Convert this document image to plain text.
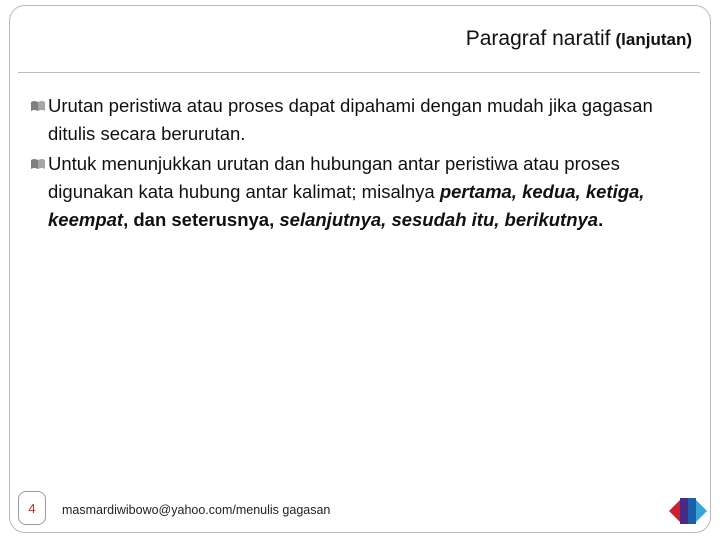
Paragraf naratif (lanjutan)
Urutan peristiwa atau proses dapat dipahami dengan mudah jika gagasan ditulis secara berurutan.
Untuk menunjukkan urutan dan hubungan antar peristiwa atau proses digunakan kata hubung antar kalimat; misalnya pertama, kedua, ketiga, keempat, dan seterusnya, selanjutnya, sesudah itu, berikutnya.
4	masmardiwibowo@yahoo.com/menulis gagasan
